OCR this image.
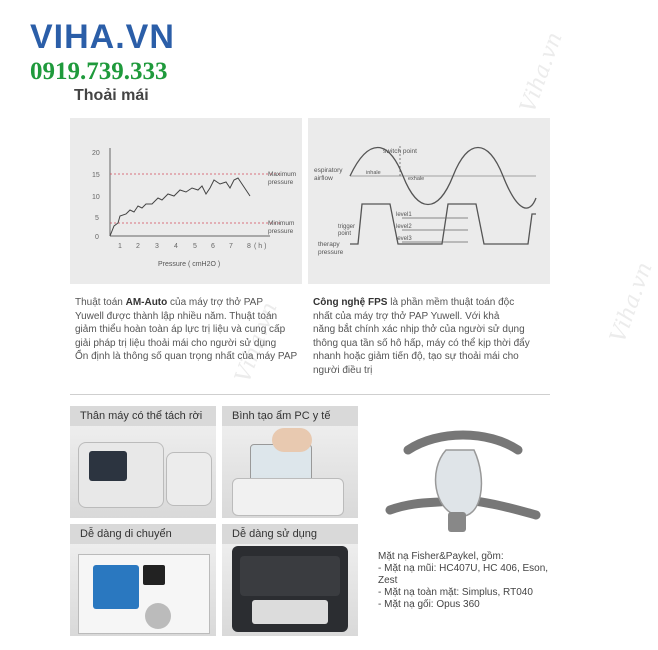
VIHA.VN
0919.739.333
Thoải mái	Viha.vn
Viha.vn	Viha.vn
20
15
10
5
0
1 2 3 4 5 6 7 8 ( h )
Pressure ( cmH2O )
Maximum
pressure
Minimum
pressure
switch point
inhale
exhale
espiratory
airflow
level1
level2
level3
trigger
point
therapy
pressure
Thuật toán AM-Auto của máy trợ thở PAP
Yuwell được thành lập nhiều năm. Thuật toán
giảm thiểu hoàn toàn áp lực trị liệu và cung cấp
giải pháp trị liệu thoải mái cho người sử dụng
Ổn định là thông số quan trọng nhất của máy PAP
Công nghệ FPS là phần mềm thuật toán độc
nhất của máy trợ thở PAP Yuwell. Với khả
năng bắt chính xác nhịp thở của người sử dụng
thông qua tần số hô hấp, máy có thể kịp thời đẩy
nhanh hoặc giảm tiến độ, tạo sự thoải mái cho
người điều trị
Thân máy có thể tách rời	Bình tạo ẩm PC y tế
Dễ dàng di chuyển	Dễ dàng sử dụng
Mặt nạ Fisher&Paykel, gồm:
- Mặt nạ mũi: HC407U, HC 406, Eson,
Zest
- Mặt nạ toàn mặt: Simplus, RT040
- Mặt nạ gối: Opus 360
